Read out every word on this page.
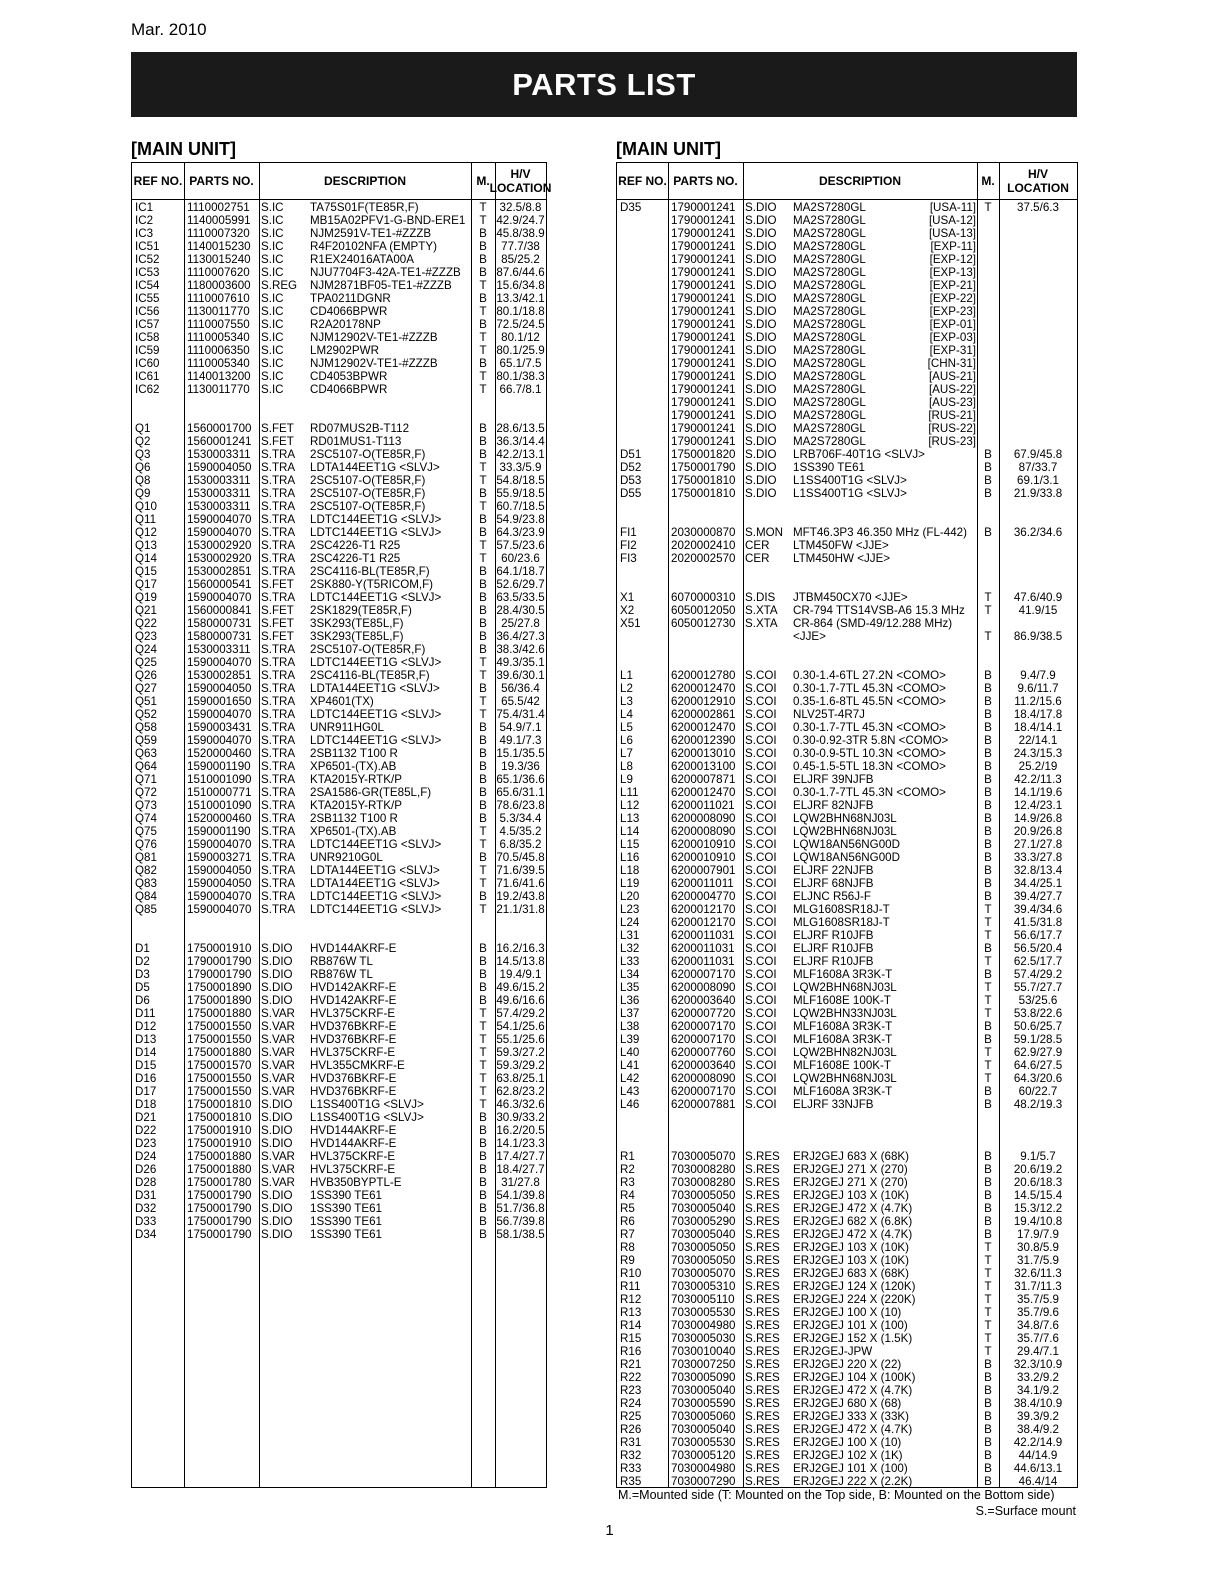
Mar. 2010
PARTS LIST
[MAIN UNIT]	[MAIN UNIT]
REF NO. PARTS NO.	DESCRIPTION	M.	H/V LOCATION
IC1	1110002751 S.IC TA75S01F(TE85R,F)	T	32.5/8.8
IC2	1140005991 S.IC MB15A02PFV1-G-BND-ERE1	T 42.9/24.7
IC3	1110007320 S.IC NJM2591V-TE1-#ZZZB	B 45.8/38.9
IC51 1140015230 S.IC R4F20102NFA (EMPTY)	B	77.7/38
IC52 1130015240 S.IC R1EX24016ATA00A	B	85/25.2
IC53 1110007620 S.IC NJU7704F3-42A-TE1-#ZZZB	B 87.6/44.6
IC54 1180003600 S.REG NJM2871BF05-TE1-#ZZZB	T 15.6/34.8
IC55 1110007610 S.IC TPA0211DGNR	B 13.3/42.1
IC56 1130011770 S.IC CD4066BPWR	T 80.1/18.8
IC57 1110007550 S.IC R2A20178NP	B 72.5/24.5
IC58 1110005340 S.IC NJM12902V-TE1-#ZZZB	T	80.1/12
IC59 1110006350 S.IC LM2902PWR	T 80.1/25.9
IC60 1110005340 S.IC NJM12902V-TE1-#ZZZB	B	65.1/7.5
IC61 1140013200 S.IC CD4053BPWR	T 80.1/38.3
IC62 1130011770 S.IC CD4066BPWR	T	66.7/8.1
Q1	1560001700 S.FET RD07MUS2B-T112	B 28.6/13.5
Q2	1560001241 S.FET RD01MUS1-T113	B 36.3/14.4
Q3	1530003311 S.TRA 2SC5107-O(TE85R,F)	B 42.2/13.1
Q6	1590004050 S.TRA LDTA144EET1G <SLVJ>	T	33.3/5.9
Q8	1530003311 S.TRA 2SC5107-O(TE85R,F)	T 54.8/18.5
Q9	1530003311 S.TRA 2SC5107-O(TE85R,F)	B 55.9/18.5
Q10	1530003311 S.TRA 2SC5107-O(TE85R,F)	T 60.7/18.5
Q11	1590004070 S.TRA LDTC144EET1G <SLVJ>	B 54.9/23.8
Q12	1590004070 S.TRA LDTC144EET1G <SLVJ>	B 64.3/23.9
Q13	1530002920 S.TRA 2SC4226-T1 R25	T 57.5/23.6
Q14	1530002920 S.TRA 2SC4226-T1 R25	T	60/23.6
Q15	1530002851 S.TRA 2SC4116-BL(TE85R,F)	B 64.1/18.7
Q17	1560000541 S.FET 2SK880-Y(T5RICOM,F)	B 52.6/29.7
Q19	1590004070 S.TRA LDTC144EET1G <SLVJ>	B 63.5/33.5
Q21	1560000841 S.FET 2SK1829(TE85R,F)	B 28.4/30.5
Q22	1580000731 S.FET 3SK293(TE85L,F)	B	25/27.8
Q23	1580000731 S.FET 3SK293(TE85L,F)	B 36.4/27.3
Q24	1530003311 S.TRA 2SC5107-O(TE85R,F)	B 38.3/42.6
Q25	1590004070 S.TRA LDTC144EET1G <SLVJ>	T 49.3/35.1
Q26	1530002851 S.TRA 2SC4116-BL(TE85R,F)	T 39.6/30.1
Q27	1590004050 S.TRA LDTA144EET1G <SLVJ>	B	56/36.4
Q51	1590001650 S.TRA XP4601(TX)	T	65.5/42
Q52	1590004070 S.TRA LDTC144EET1G <SLVJ>	T 75.4/31.4
Q58	1590003431 S.TRA UNR911HG0L	B	54.9/7.1
Q59	1590004070 S.TRA LDTC144EET1G <SLVJ>	B	49.1/7.3
Q63	1520000460 S.TRA 2SB1132 T100 R	B 15.1/35.5
Q64	1590001190 S.TRA XP6501-(TX).AB	B	19.3/36
Q71	1510001090 S.TRA KTA2015Y-RTK/P	B 65.1/36.6
Q72	1510000771 S.TRA 2SA1586-GR(TE85L,F)	B 65.6/31.1
Q73	1510001090 S.TRA KTA2015Y-RTK/P	B 78.6/23.8
Q74	1520000460 S.TRA 2SB1132 T100 R	B	5.3/34.4
Q75	1590001190 S.TRA XP6501-(TX).AB	T	4.5/35.2
Q76	1590004070 S.TRA LDTC144EET1G <SLVJ>	T	6.8/35.2
Q81	1590003271 S.TRA UNR9210G0L	B 70.5/45.8
Q82	1590004050 S.TRA LDTA144EET1G <SLVJ>	T 71.6/39.5
Q83	1590004050 S.TRA LDTA144EET1G <SLVJ>	T 71.6/41.6
Q84	1590004070 S.TRA LDTC144EET1G <SLVJ>	B 19.2/43.8
Q85	1590004070 S.TRA LDTC144EET1G <SLVJ>	T 21.1/31.8
D1	1750001910 S.DIO HVD144AKRF-E	B 16.2/16.3
D2	1790001790 S.DIO RB876W TL	B 14.5/13.8
D3	1790001790 S.DIO RB876W TL	B	19.4/9.1
D5	1750001890 S.DIO HVD142AKRF-E	B 49.6/15.2
D6	1750001890 S.DIO HVD142AKRF-E	B 49.6/16.6
D11	1750001880 S.VAR HVL375CKRF-E	T 57.4/29.2
D12	1750001550 S.VAR HVD376BKRF-E	T 54.1/25.6
D13	1750001550 S.VAR HVD376BKRF-E	T 55.1/25.6
D14	1750001880 S.VAR HVL375CKRF-E	T 59.3/27.2
D15	1750001570 S.VAR HVL355CMKRF-E	T 59.3/29.2
D16	1750001550 S.VAR HVD376BKRF-E	T 63.8/25.1
D17	1750001550 S.VAR HVD376BKRF-E	T 62.8/23.2
D18	1750001810 S.DIO L1SS400T1G <SLVJ>	T 46.3/32.6
D21	1750001810 S.DIO L1SS400T1G <SLVJ>	B 30.9/33.2
D22	1750001910 S.DIO HVD144AKRF-E	B 16.2/20.5
D23	1750001910 S.DIO HVD144AKRF-E	B 14.1/23.3
D24	1750001880 S.VAR HVL375CKRF-E	B 17.4/27.7
D26	1750001880 S.VAR HVL375CKRF-E	B 18.4/27.7
D28	1750001780 S.VAR HVB350BYPTL-E	B	31/27.8
D31	1750001790 S.DIO 1SS390 TE61	B 54.1/39.8
D32	1750001790 S.DIO 1SS390 TE61	B 51.7/36.8
D33	1750001790 S.DIO 1SS390 TE61	B 56.7/39.8
D34	1750001790 S.DIO 1SS390 TE61	B 58.1/38.5
REF NO. PARTS NO.	DESCRIPTION	M.	H/V LOCATION
D35	1790001241 S.DIO MA2S7280GL	[USA-11] T	37.5/6.3
1790001241 S.DIO MA2S7280GL	[USA-12]
1790001241 S.DIO MA2S7280GL	[USA-13]
1790001241 S.DIO MA2S7280GL	[EXP-11]
1790001241 S.DIO MA2S7280GL	[EXP-12]
1790001241 S.DIO MA2S7280GL	[EXP-13]
1790001241 S.DIO MA2S7280GL	[EXP-21]
1790001241 S.DIO MA2S7280GL	[EXP-22]
1790001241 S.DIO MA2S7280GL	[EXP-23]
1790001241 S.DIO MA2S7280GL	[EXP-01]
1790001241 S.DIO MA2S7280GL	[EXP-03]
1790001241 S.DIO MA2S7280GL	[EXP-31]
1790001241 S.DIO MA2S7280GL	[CHN-31]
1790001241 S.DIO MA2S7280GL	[AUS-21]
1790001241 S.DIO MA2S7280GL	[AUS-22]
1790001241 S.DIO MA2S7280GL	[AUS-23]
1790001241 S.DIO MA2S7280GL	[RUS-21]
1790001241 S.DIO MA2S7280GL	[RUS-22]
1790001241 S.DIO MA2S7280GL	[RUS-23]
D51	1750001820 S.DIO LRB706F-40T1G <SLVJ>	B	67.9/45.8
D52	1750001790 S.DIO 1SS390 TE61	B	87/33.7
D53	1750001810 S.DIO L1SS400T1G <SLVJ>	B	69.1/3.1
D55	1750001810 S.DIO L1SS400T1G <SLVJ>	B	21.9/33.8
FI1	2030000870 S.MON MFT46.3P3 46.350 MHz (FL-442)	B	36.2/34.6
FI2	2020002410 CER LTM450FW <JJE>
FI3	2020002570 CER LTM450HW <JJE>
X1	6070000310 S.DIS JTBM450CX70 <JJE>	T	47.6/40.9
X2	6050012050 S.XTA CR-794 TTS14VSB-A6 15.3 MHz	T	41.9/15
X51	6050012730 S.XTA CR-864 (SMD-49/12.288 MHz)
<JJE>	T	86.9/38.5
L1	6200012780 S.COI 0.30-1.4-6TL 27.2N <COMO>	B	9.4/7.9
L2	6200012470 S.COI 0.30-1.7-7TL 45.3N <COMO>	B	9.6/11.7
L3	6200012910 S.COI 0.35-1.6-8TL 45.5N <COMO>	B	11.2/15.6
L4	6200002861 S.COI NLV25T-4R7J	B	18.4/17.8
L5	6200012470 S.COI 0.30-1.7-7TL 45.3N <COMO>	B	18.4/14.1
L6	6200012390 S.COI 0.30-0.92-3TR 5.8N <COMO>	B	22/14.1
L7	6200013010 S.COI 0.30-0.9-5TL 10.3N <COMO>	B	24.3/15.3
L8	6200013100 S.COI 0.45-1.5-5TL 18.3N <COMO>	B	25.2/19
L9	6200007871 S.COI ELJRF 39NJFB	B	42.2/11.3
L11	6200012470 S.COI 0.30-1.7-7TL 45.3N <COMO>	B	14.1/19.6
L12	6200011021 S.COI ELJRF 82NJFB	B	12.4/23.1
L13	6200008090 S.COI LQW2BHN68NJ03L	B	14.9/26.8
L14	6200008090 S.COI LQW2BHN68NJ03L	B	20.9/26.8
L15	6200010910 S.COI LQW18AN56NG00D	B	27.1/27.8
L16	6200010910 S.COI LQW18AN56NG00D	B	33.3/27.8
L18	6200007901 S.COI ELJRF 22NJFB	B	32.8/13.4
L19	6200011011 S.COI ELJRF 68NJFB	B	34.4/25.1
L20	6200004770 S.COI ELJNC R56J-F	B	39.4/27.7
L23	6200012170 S.COI MLG1608SR18J-T	T	39.4/34.6
L24	6200012170 S.COI MLG1608SR18J-T	T	41.5/31.8
L31	6200011031 S.COI ELJRF R10JFB	T	56.6/17.7
L32	6200011031 S.COI ELJRF R10JFB	B	56.5/20.4
L33	6200011031 S.COI ELJRF R10JFB	T	62.5/17.7
L34	6200007170 S.COI MLF1608A 3R3K-T	B	57.4/29.2
L35	6200008090 S.COI LQW2BHN68NJ03L	T	55.7/27.7
L36	6200003640 S.COI MLF1608E 100K-T	T	53/25.6
L37	6200007720 S.COI LQW2BHN33NJ03L	T	53.8/22.6
L38	6200007170 S.COI MLF1608A 3R3K-T	B	50.6/25.7
L39	6200007170 S.COI MLF1608A 3R3K-T	B	59.1/28.5
L40	6200007760 S.COI LQW2BHN82NJ03L	T	62.9/27.9
L41	6200003640 S.COI MLF1608E 100K-T	T	64.6/27.5
L42	6200008090 S.COI LQW2BHN68NJ03L	T	64.3/20.6
L43	6200007170 S.COI MLF1608A 3R3K-T	B	60/22.7
L46	6200007881 S.COI ELJRF 33NJFB	B	48.2/19.3
R1	7030005070 S.RES ERJ2GEJ 683 X (68K)	B	9.1/5.7
R2	7030008280 S.RES ERJ2GEJ 271 X (270)	B	20.6/19.2
R3	7030008280 S.RES ERJ2GEJ 271 X (270)	B	20.6/18.3
R4	7030005050 S.RES ERJ2GEJ 103 X (10K)	B	14.5/15.4
R5	7030005040 S.RES ERJ2GEJ 472 X (4.7K)	B	15.3/12.2
R6	7030005290 S.RES ERJ2GEJ 682 X (6.8K)	B	19.4/10.8
R7	7030005040 S.RES ERJ2GEJ 472 X (4.7K)	B	17.9/7.9
R8	7030005050 S.RES ERJ2GEJ 103 X (10K)	T	30.8/5.9
R9	7030005050 S.RES ERJ2GEJ 103 X (10K)	T	31.7/5.9
R10	7030005070 S.RES ERJ2GEJ 683 X (68K)	T	32.6/11.3
R11	7030005310 S.RES ERJ2GEJ 124 X (120K)	T	31.7/11.3
R12	7030005110 S.RES ERJ2GEJ 224 X (220K)	T	35.7/5.9
R13	7030005530 S.RES ERJ2GEJ 100 X (10)	T	35.7/9.6
R14	7030004980 S.RES ERJ2GEJ 101 X (100)	T	34.8/7.6
R15	7030005030 S.RES ERJ2GEJ 152 X (1.5K)	T	35.7/7.6
R16	7030010040 S.RES ERJ2GEJ-JPW	T	29.4/7.1
R21	7030007250 S.RES ERJ2GEJ 220 X (22)	B	32.3/10.9
R22	7030005090 S.RES ERJ2GEJ 104 X (100K)	B	33.2/9.2
R23	7030005040 S.RES ERJ2GEJ 472 X (4.7K)	B	34.1/9.2
R24	7030005590 S.RES ERJ2GEJ 680 X (68)	B	38.4/10.9
R25	7030005060 S.RES ERJ2GEJ 333 X (33K)	B	39.3/9.2
R26	7030005040 S.RES ERJ2GEJ 472 X (4.7K)	B	38.4/9.2
R31	7030005530 S.RES ERJ2GEJ 100 X (10)	B	42.2/14.9
R32	7030005120 S.RES ERJ2GEJ 102 X (1K)	B	44/14.9
R33	7030004980 S.RES ERJ2GEJ 101 X (100)	B	44.6/13.1
R35	7030007290 S.RES ERJ2GEJ 222 X (2.2K)	B	46.4/14
M.=Mounted side (T: Mounted on the Top side, B: Mounted on the Bottom side)
S.=Surface mount
1
